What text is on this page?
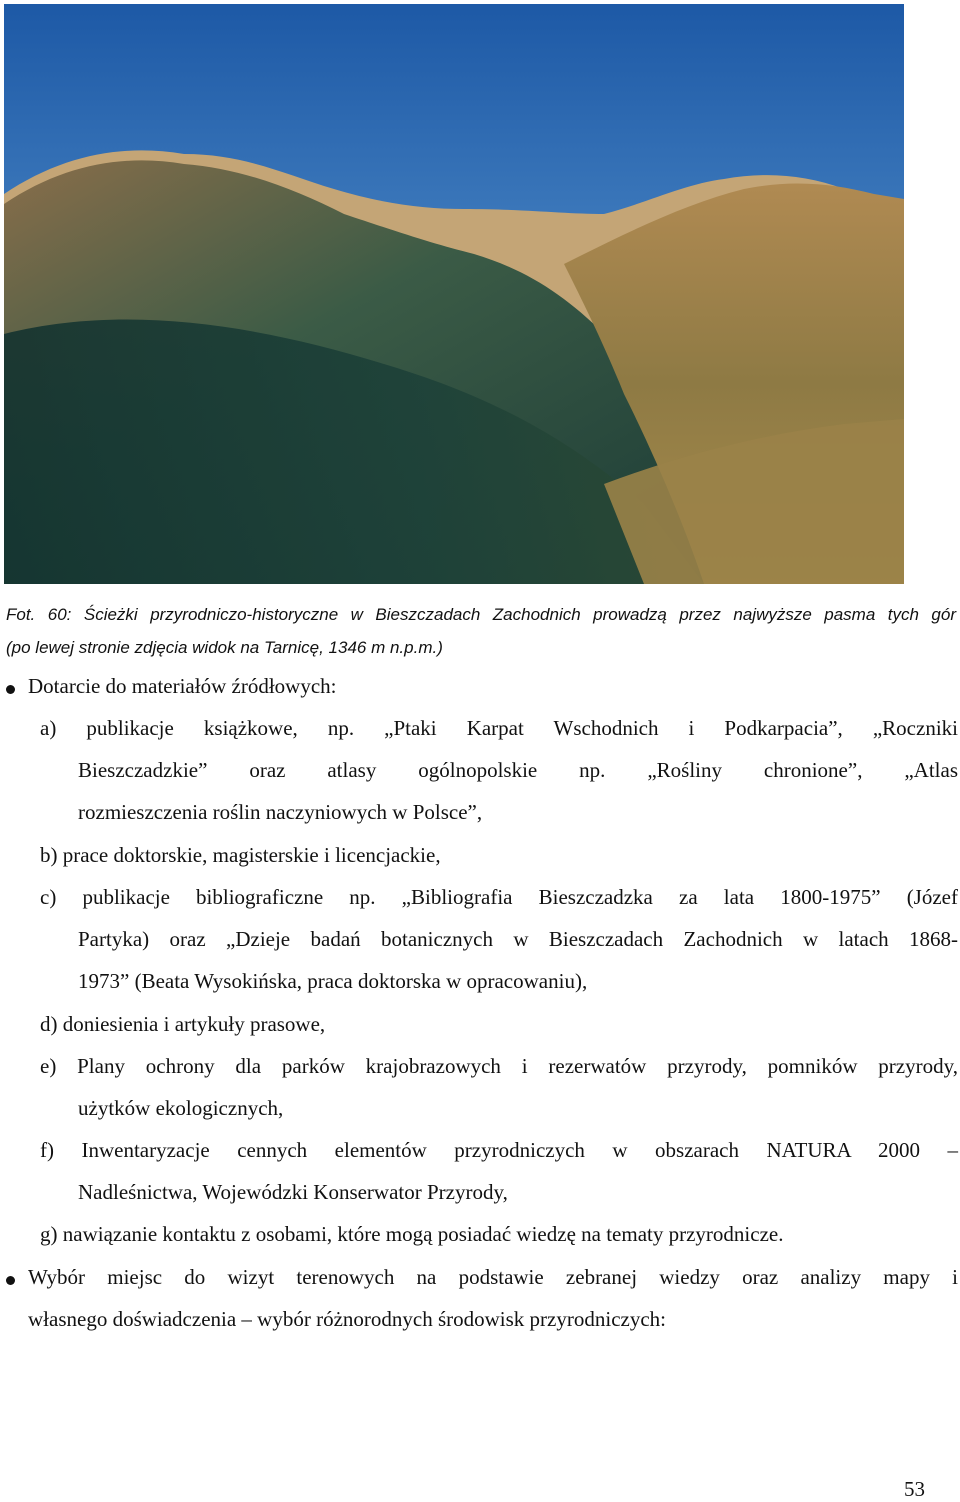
Fot. 60: Ścieżki przyrodniczo-historyczne w Bieszczadach Zachodnich prowadzą przez najwyższe pasma tych gór
(po lewej stronie zdjęcia widok na Tarnicę, 1346 m n.p.m.)
Dotarcie do materiałów źródłowych:
a) publikacje książkowe, np. „Ptaki Karpat Wschodnich i Podkarpacia”, „Roczniki
Bieszczadzkie” oraz atlasy ogólnopolskie np. „Rośliny chronione”, „Atlas
rozmieszczenia roślin naczyniowych w Polsce”,
b) prace doktorskie, magisterskie i licencjackie,
c) publikacje bibliograficzne np. „Bibliografia Bieszczadzka za lata 1800-1975” (Józef
Partyka) oraz „Dzieje badań botanicznych w Bieszczadach Zachodnich w latach 1868-
1973” (Beata Wysokińska, praca doktorska w opracowaniu),
d) doniesienia i artykuły prasowe,
e) Plany ochrony dla parków krajobrazowych i rezerwatów przyrody, pomników przyrody,
użytków ekologicznych,
f) Inwentaryzacje cennych elementów przyrodniczych w obszarach NATURA 2000 –
Nadleśnictwa, Wojewódzki Konserwator Przyrody,
g) nawiązanie kontaktu z osobami, które mogą posiadać wiedzę na tematy przyrodnicze.
Wybór miejsc do wizyt terenowych na podstawie zebranej wiedzy oraz analizy mapy i
własnego doświadczenia – wybór różnorodnych środowisk przyrodniczych:
53
